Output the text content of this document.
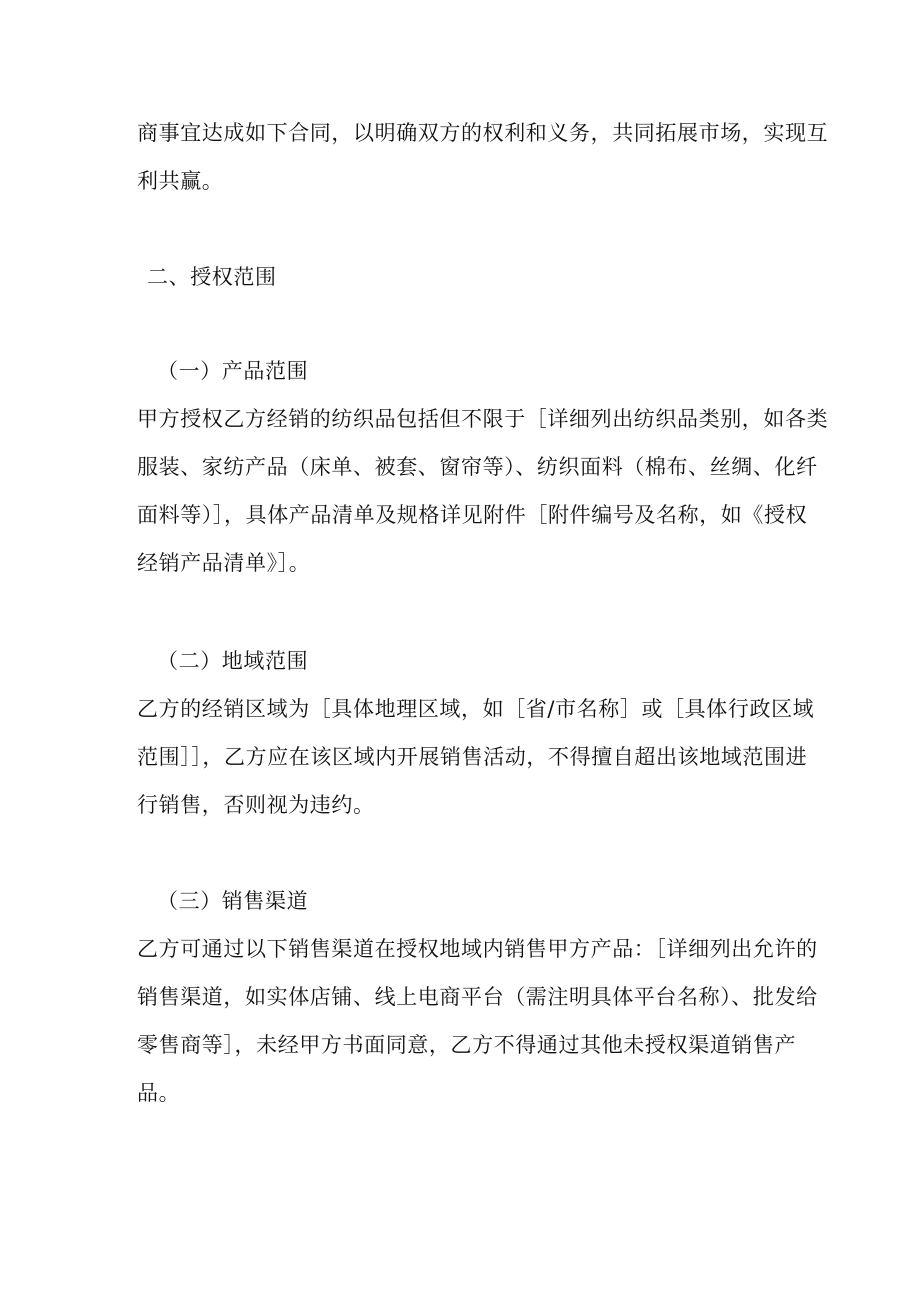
商事宜达成如下合同，以明确双方的权利和义务，共同拓展市场，实现互
利共赢。
二、授权范围
（一）产品范围
甲方授权乙方经销的纺织品包括但不限于［详细列出纺织品类别，如各类
服装、家纺产品（床单、被套、窗帘等）、纺织面料（棉布、丝绸、化纤
面料等）］，具体产品清单及规格详见附件［附件编号及名称，如《授权
经销产品清单》］。
（二）地域范围
乙方的经销区域为［具体地理区域，如［省/市名称］或［具体行政区域
范围］］，乙方应在该区域内开展销售活动，不得擅自超出该地域范围进
行销售，否则视为违约。
（三）销售渠道
乙方可通过以下销售渠道在授权地域内销售甲方产品：［详细列出允许的
销售渠道，如实体店铺、线上电商平台（需注明具体平台名称）、批发给
零售商等］，未经甲方书面同意，乙方不得通过其他未授权渠道销售产
品。
